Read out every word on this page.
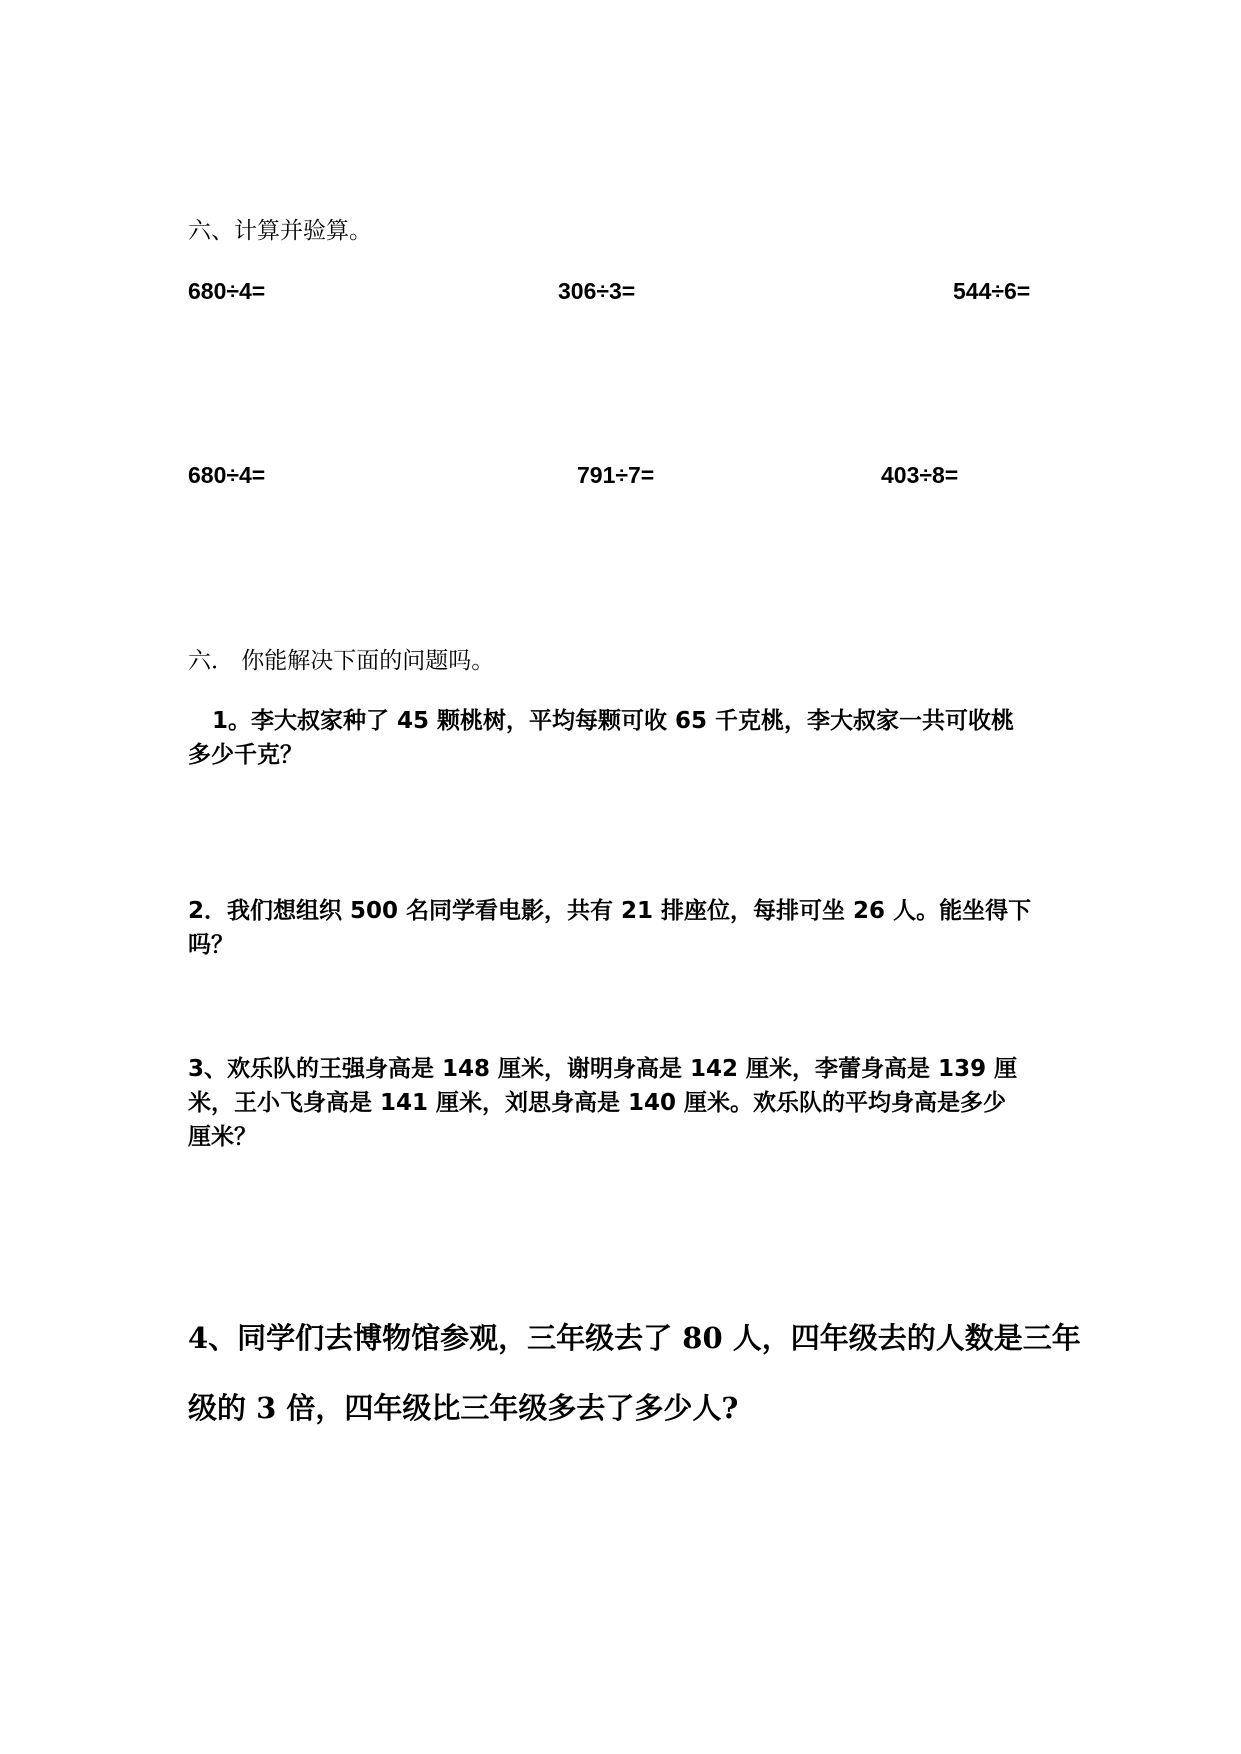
六、计算并验算。
680÷4=	306÷3=	544÷6=
680÷4=	791÷7=	403÷8=
六． 你能解决下面的问题吗。
1。李大叔家种了 45 颗桃树，平均每颗可收 65 千克桃，李大叔家一共可收桃
多少千克？
2．我们想组织 500 名同学看电影，共有 21 排座位，每排可坐 26 人。能坐得下
吗？
3、欢乐队的王强身高是 148 厘米，谢明身高是 142 厘米，李蕾身高是 139 厘
米，王小飞身高是 141 厘米，刘思身高是 140 厘米。欢乐队的平均身高是多少
厘米？
4、同学们去博物馆参观，三年级去了 80 人，四年级去的人数是三年
级的 3 倍，四年级比三年级多去了多少人?
